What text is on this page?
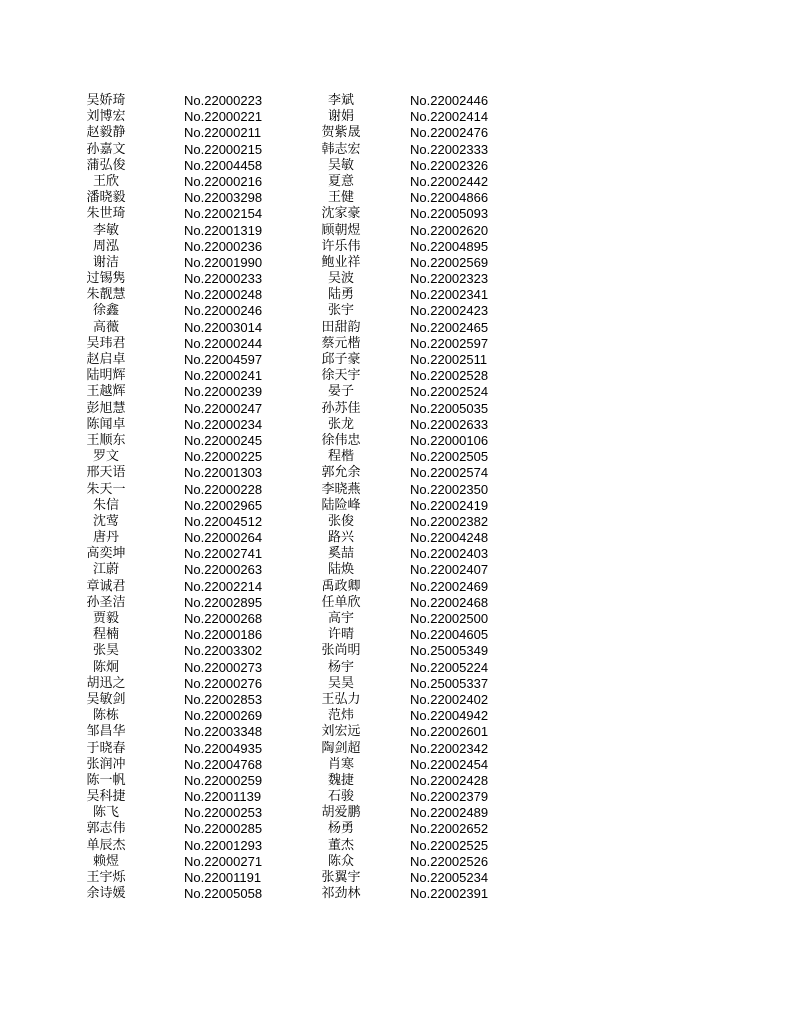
吴娇琦	No.22000223	李斌	No.22002446
刘博宏	No.22000221	谢娟	No.22002414
赵毅静	No.22000211	贺紫晟	No.22002476
孙嘉文	No.22000215	韩志宏	No.22002333
蒲弘俊	No.22004458	吴敏	No.22002326
王欣	No.22000216	夏意	No.22002442
潘晓毅	No.22003298	王健	No.22004866
朱世琦	No.22002154	沈家豪	No.22005093
李敏	No.22001319	顾朝煜	No.22002620
周泓	No.22000236	许乐伟	No.22004895
谢洁	No.22001990	鲍业祥	No.22002569
过锡隽	No.22000233	吴波	No.22002323
朱靓慧	No.22000248	陆勇	No.22002341
徐鑫	No.22000246	张宇	No.22002423
高薇	No.22003014	田甜韵	No.22002465
吴玮君	No.22000244	蔡元楷	No.22002597
赵启卓	No.22004597	邱子豪	No.22002511
陆明辉	No.22000241	徐天宇	No.22002528
王越辉	No.22000239	晏子	No.22002524
彭旭慧	No.22000247	孙苏佳	No.22005035
陈闻卓	No.22000234	张龙	No.22002633
王顺东	No.22000245	徐伟忠	No.22000106
罗文	No.22000225	程楷	No.22002505
邢天语	No.22001303	郭允余	No.22002574
朱天一	No.22000228	李晓燕	No.22002350
朱信	No.22002965	陆险峰	No.22002419
沈莺	No.22004512	张俊	No.22002382
唐丹	No.22000264	路兴	No.22004248
高奕坤	No.22002741	奚喆	No.22002403
江蔚	No.22000263	陆焕	No.22002407
章诚君	No.22002214	禹政卿	No.22002469
孙圣洁	No.22002895	任单欣	No.22002468
贾毅	No.22000268	高宇	No.22002500
程楠	No.22000186	许晴	No.22004605
张昊	No.22003302	张尚明	No.25005349
陈炯	No.22000273	杨宇	No.22005224
胡迅之	No.22000276	吴昊	No.25005337
吴敏剑	No.22002853	王弘力	No.22002402
陈栋	No.22000269	范炜	No.22004942
邹昌华	No.22003348	刘宏远	No.22002601
于晓春	No.22004935	陶剑超	No.22002342
张润冲	No.22004768	肖寒	No.22002454
陈一帆	No.22000259	魏捷	No.22002428
吴科捷	No.22001139	石骏	No.22002379
陈飞	No.22000253	胡爱鹏	No.22002489
郭志伟	No.22000285	杨勇	No.22002652
单辰杰	No.22001293	董杰	No.22002525
赖煜	No.22000271	陈众	No.22002526
王宇烁	No.22001191	张翼宇	No.22005234
余诗媛	No.22005058	祁劲林	No.22002391
